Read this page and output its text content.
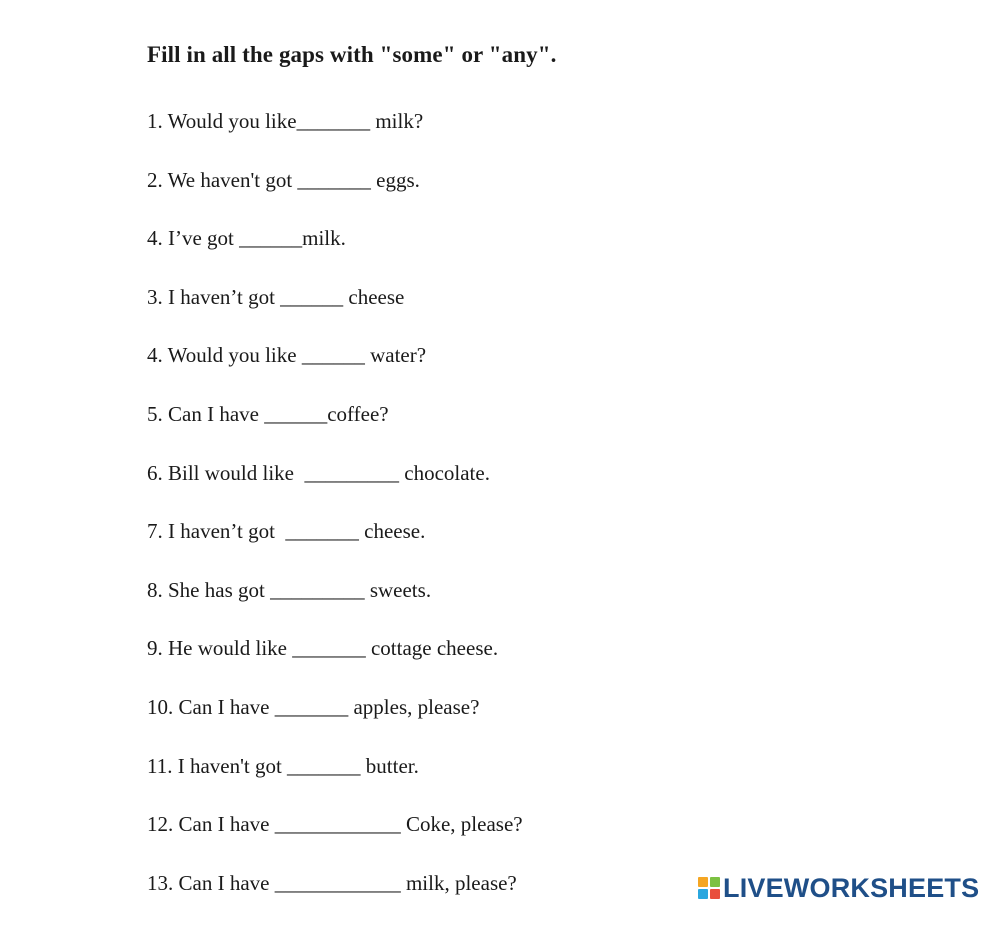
Fill in all the gaps with "some" or "any".
1. Would you like_______ milk?
2. We haven't got _______ eggs.
4. I’ve got ______milk.
3. I haven’t got ______ cheese
4. Would you like ______ water?
5. Can I have ______coffee?
6. Bill would like  _________ chocolate.
7. I haven’t got  _______ cheese.
8. She has got _________ sweets.
9. He would like _______ cottage cheese.
10. Can I have _______ apples, please?
11. I haven't got _______ butter.
12. Can I have ____________ Coke, please?
13. Can I have ____________ milk, please?	LIVEWORKSHEETS
